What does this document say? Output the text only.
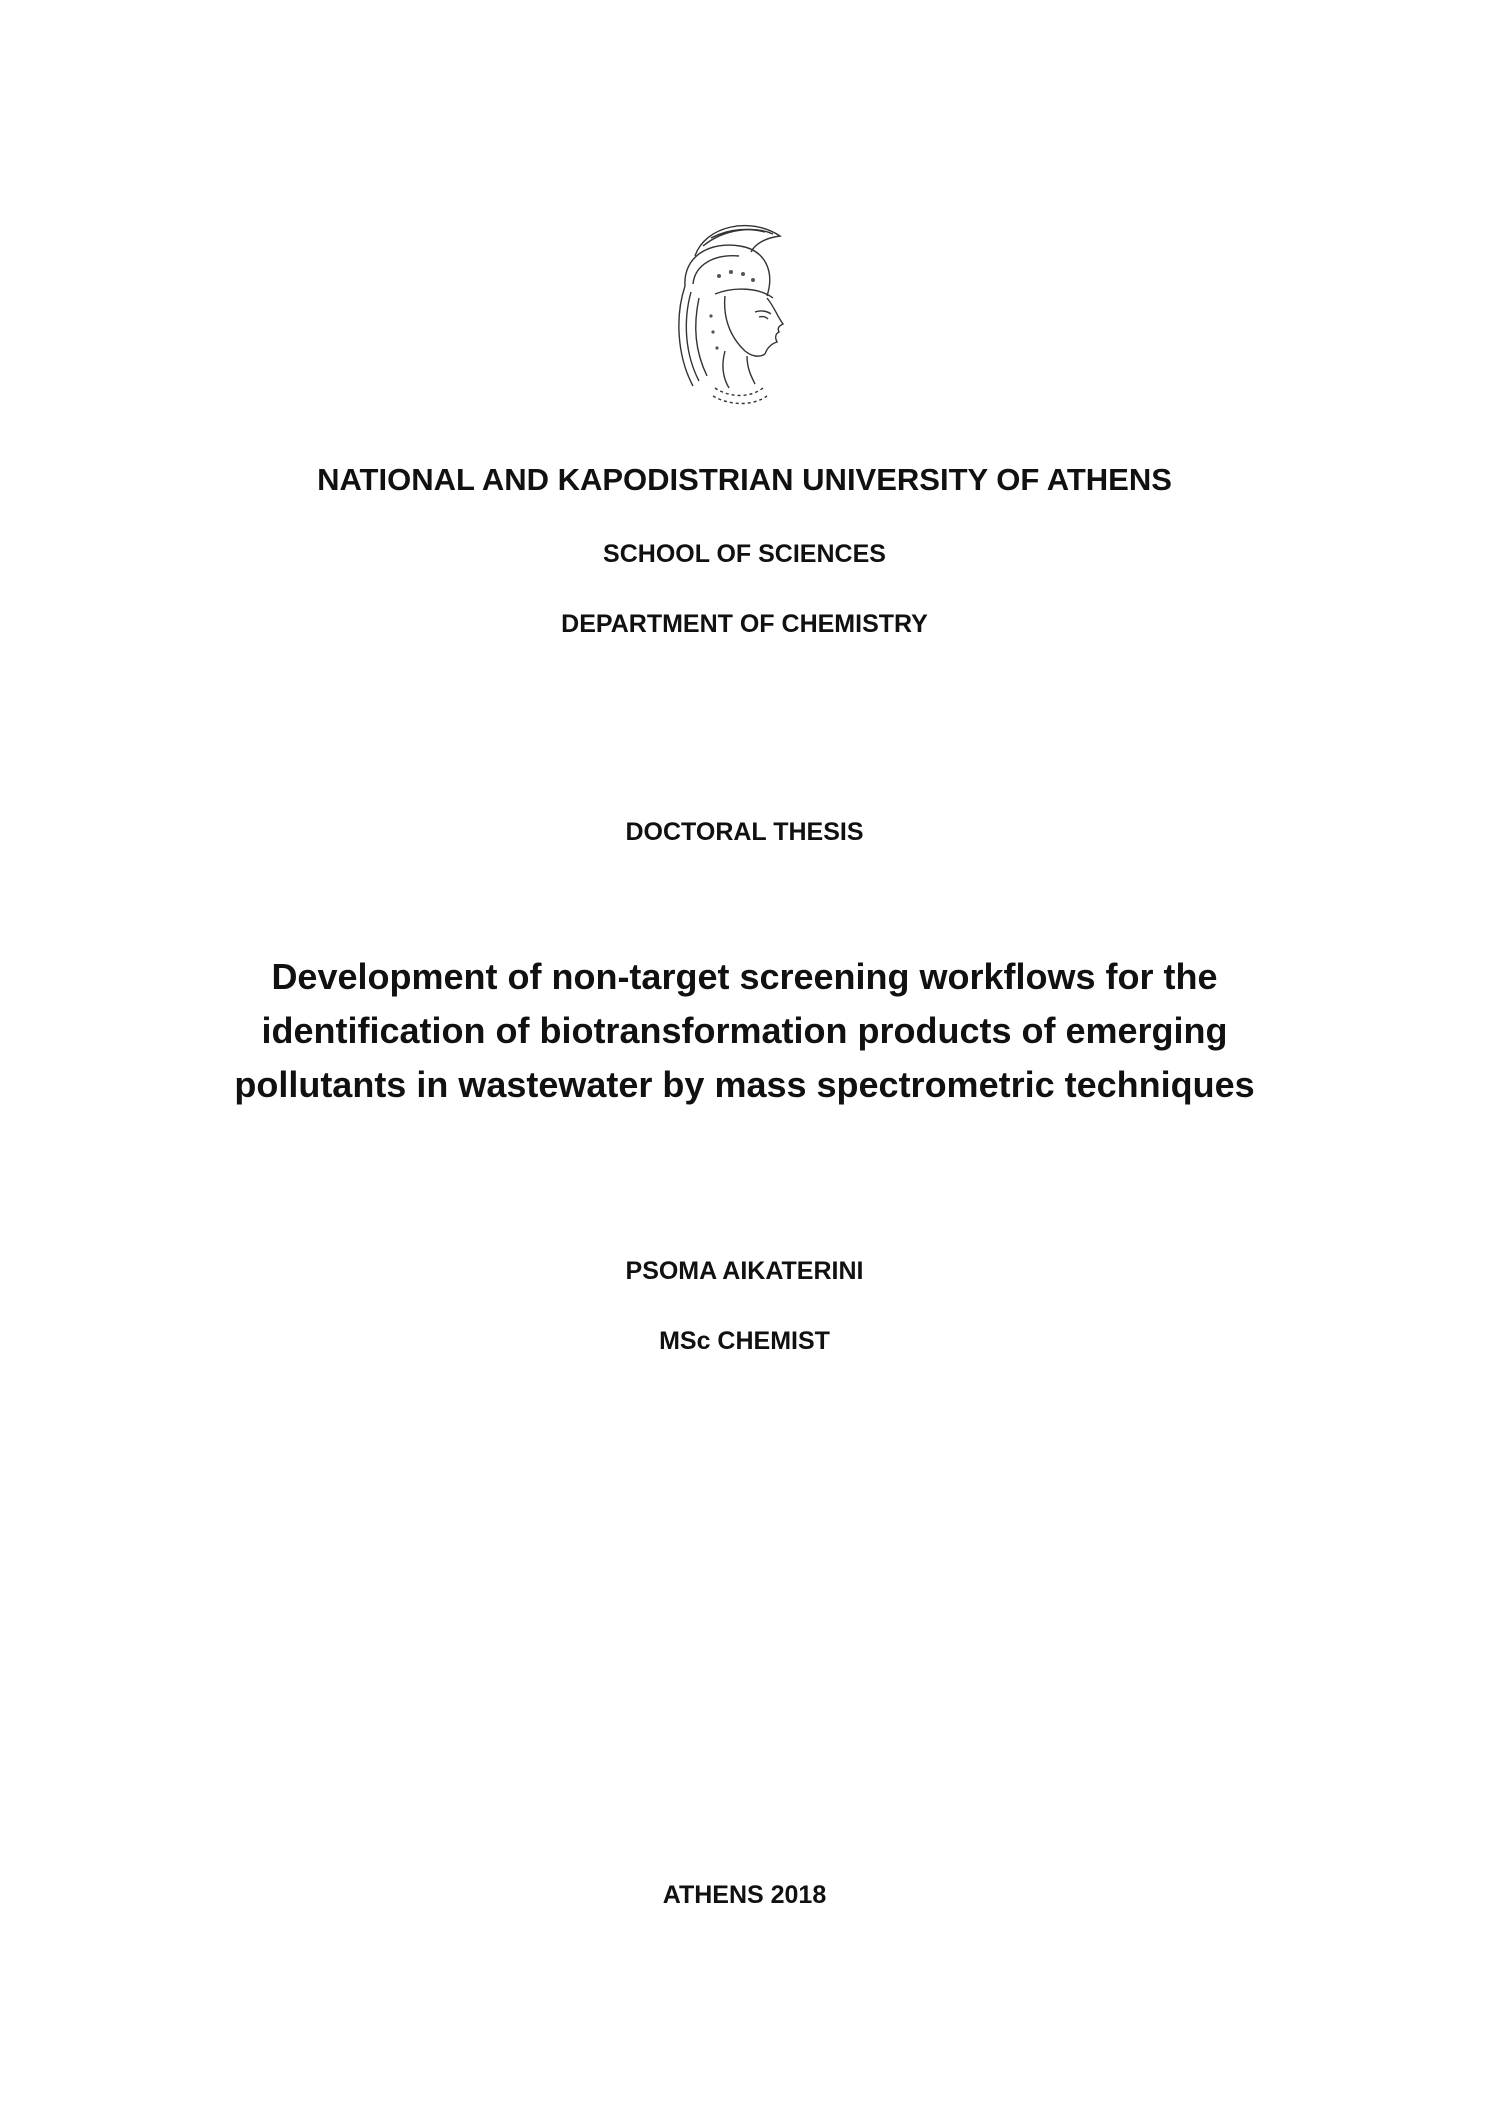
NATIONAL AND KAPODISTRIAN UNIVERSITY OF ATHENS
SCHOOL OF SCIENCES
DEPARTMENT OF CHEMISTRY
DOCTORAL THESIS
Development of non-target screening workflows for the
identification of biotransformation products of emerging
pollutants in wastewater by mass spectrometric techniques
PSOMA AIKATERINI
MSc CHEMIST
ATHENS 2018
